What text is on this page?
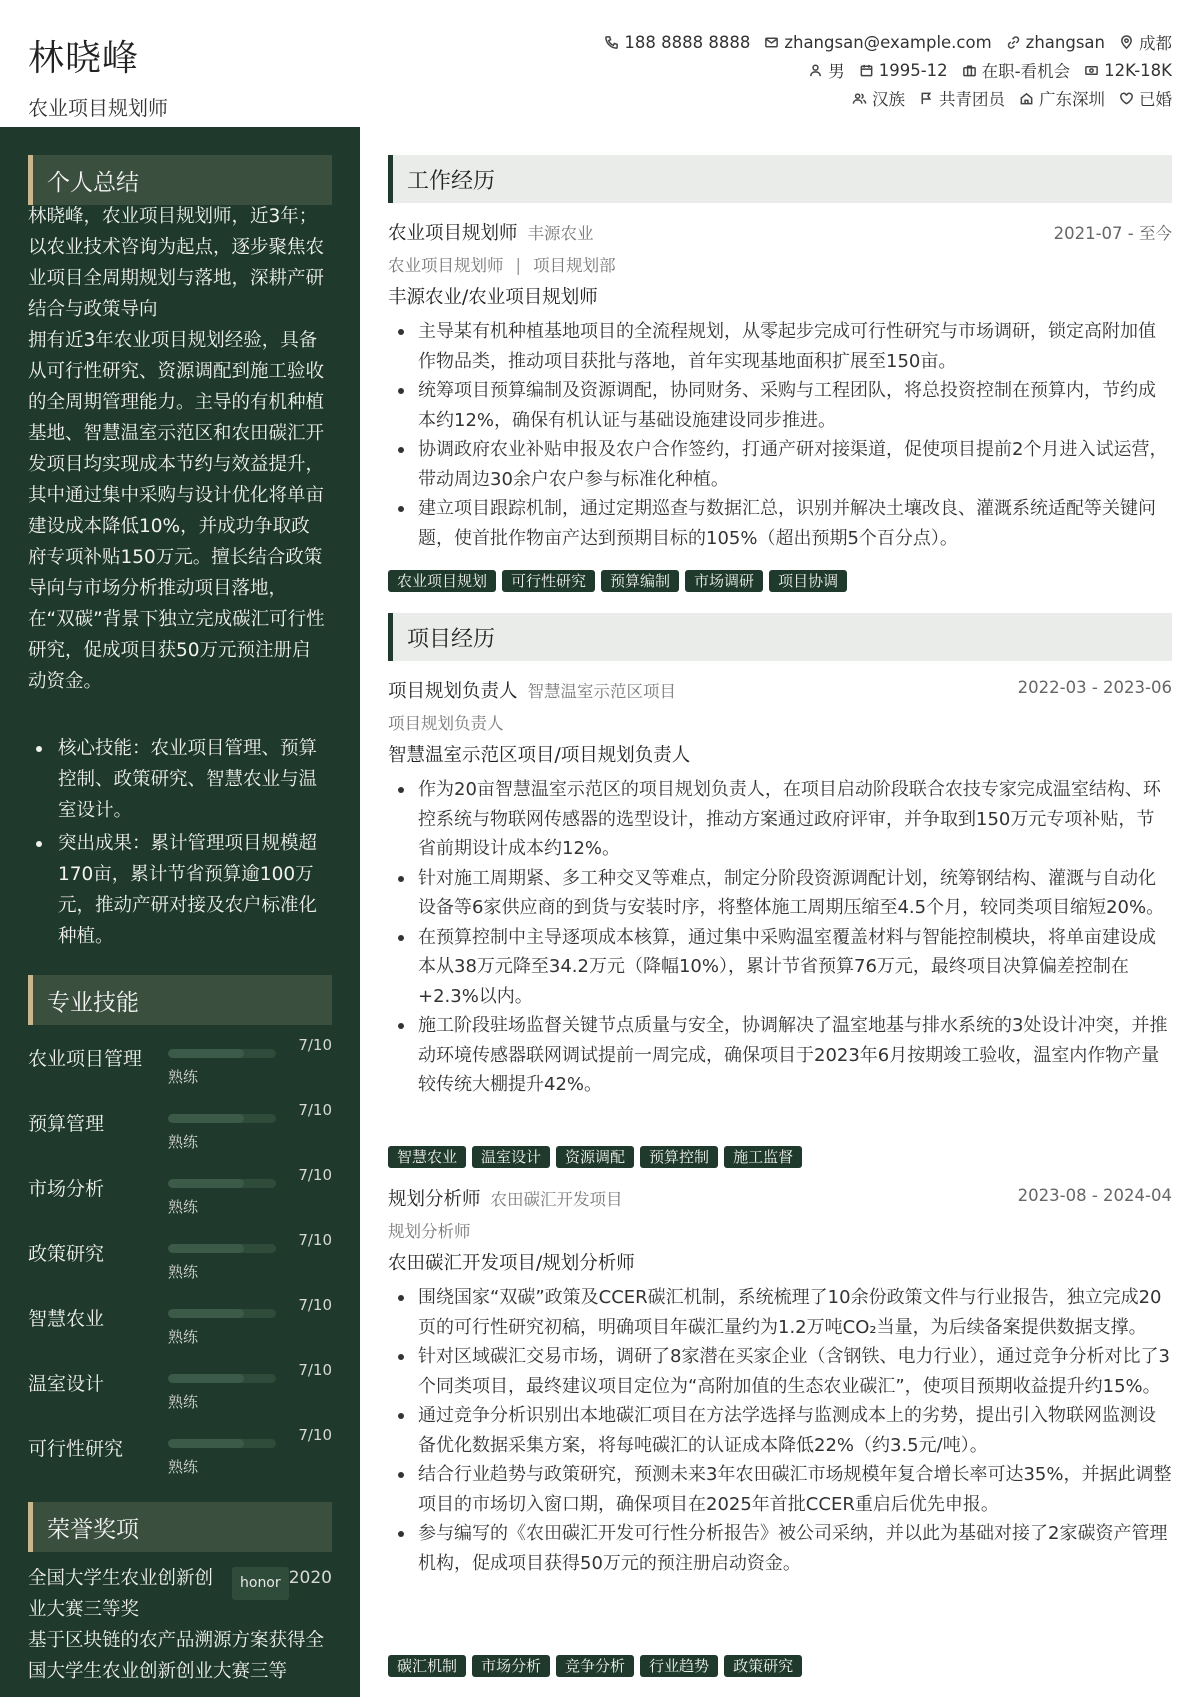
林晓峰
农业项目规划师
188 8888 8888 zhangsan@example.com zhangsan 成都
男 1995-12 在职-看机会 12K-18K
汉族 共青团员 广东深圳 已婚
个人总结
林晓峰，农业项目规划师，近3年；以农业技术咨询为起点，逐步聚焦农业项目全周期规划与落地，深耕产研结合与政策导向
拥有近3年农业项目规划经验，具备从可行性研究、资源调配到施工验收的全周期管理能力。主导的有机种植基地、智慧温室示范区和农田碳汇开发项目均实现成本节约与效益提升，其中通过集中采购与设计优化将单亩建设成本降低10%，并成功争取政府专项补贴150万元。擅长结合政策导向与市场分析推动项目落地，在“双碳”背景下独立完成碳汇可行性研究，促成项目获50万元预注册启动资金。
核心技能：农业项目管理、预算控制、政策研究、智慧农业与温室设计。
突出成果：累计管理项目规模超170亩，累计节省预算逾100万元，推动产研对接及农户标准化种植。
专业技能
农业项目管理
7/10
熟练
预算管理
7/10
熟练
市场分析
7/10
熟练
政策研究
7/10
熟练
智慧农业
7/10
熟练
温室设计
7/10
熟练
可行性研究
7/10
熟练
荣誉奖项
全国大学生农业创新创业大赛三等奖
honor 2020
基于区块链的农产品溯源方案获得全国大学生农业创新创业大赛三等
工作经历
农业项目规划师 丰源农业	2021-07 - 至今
农业项目规划师 | 项目规划部
丰源农业/农业项目规划师
主导某有机种植基地项目的全流程规划，从零起步完成可行性研究与市场调研，锁定高附加值作物品类，推动项目获批与落地，首年实现基地面积扩展至150亩。
统筹项目预算编制及资源调配，协同财务、采购与工程团队，将总投资控制在预算内，节约成本约12%，确保有机认证与基础设施建设同步推进。
协调政府农业补贴申报及农户合作签约，打通产研对接渠道，促使项目提前2个月进入试运营，带动周边30余户农户参与标准化种植。
建立项目跟踪机制，通过定期巡查与数据汇总，识别并解决土壤改良、灌溉系统适配等关键问题，使首批作物亩产达到预期目标的105%（超出预期5个百分点）。
农业项目规划	可行性研究	预算编制	市场调研	项目协调
项目经历
项目规划负责人 智慧温室示范区项目	2022-03 - 2023-06
项目规划负责人
智慧温室示范区项目/项目规划负责人
作为20亩智慧温室示范区的项目规划负责人，在项目启动阶段联合农技专家完成温室结构、环控系统与物联网传感器的选型设计，推动方案通过政府评审，并争取到150万元专项补贴，节省前期设计成本约12%。
针对施工周期紧、多工种交叉等难点，制定分阶段资源调配计划，统筹钢结构、灌溉与自动化设备等6家供应商的到货与安装时序，将整体施工周期压缩至4.5个月，较同类项目缩短20%。
在预算控制中主导逐项成本核算，通过集中采购温室覆盖材料与智能控制模块，将单亩建设成本从38万元降至34.2万元（降幅10%），累计节省预算76万元，最终项目决算偏差控制在+2.3%以内。
施工阶段驻场监督关键节点质量与安全，协调解决了温室地基与排水系统的3处设计冲突，并推动环境传感器联网调试提前一周完成，确保项目于2023年6月按期竣工验收，温室内作物产量较传统大棚提升42%。
智慧农业	温室设计	资源调配	预算控制	施工监督
规划分析师 农田碳汇开发项目	2023-08 - 2024-04
规划分析师
农田碳汇开发项目/规划分析师
围绕国家“双碳”政策及CCER碳汇机制，系统梳理了10余份政策文件与行业报告，独立完成20页的可行性研究初稿，明确项目年碳汇量约为1.2万吨CO₂当量，为后续备案提供数据支撑。
针对区域碳汇交易市场，调研了8家潜在买家企业（含钢铁、电力行业），通过竞争分析对比了3个同类项目，最终建议项目定位为“高附加值的生态农业碳汇”，使项目预期收益提升约15%。
通过竞争分析识别出本地碳汇项目在方法学选择与监测成本上的劣势，提出引入物联网监测设备优化数据采集方案，将每吨碳汇的认证成本降低22%（约3.5元/吨）。
结合行业趋势与政策研究，预测未来3年农田碳汇市场规模年复合增长率可达35%，并据此调整项目的市场切入窗口期，确保项目在2025年首批CCER重启后优先申报。
参与编写的《农田碳汇开发可行性分析报告》被公司采纳，并以此为基础对接了2家碳资产管理机构，促成项目获得50万元的预注册启动资金。
碳汇机制	市场分析	竞争分析	行业趋势	政策研究
